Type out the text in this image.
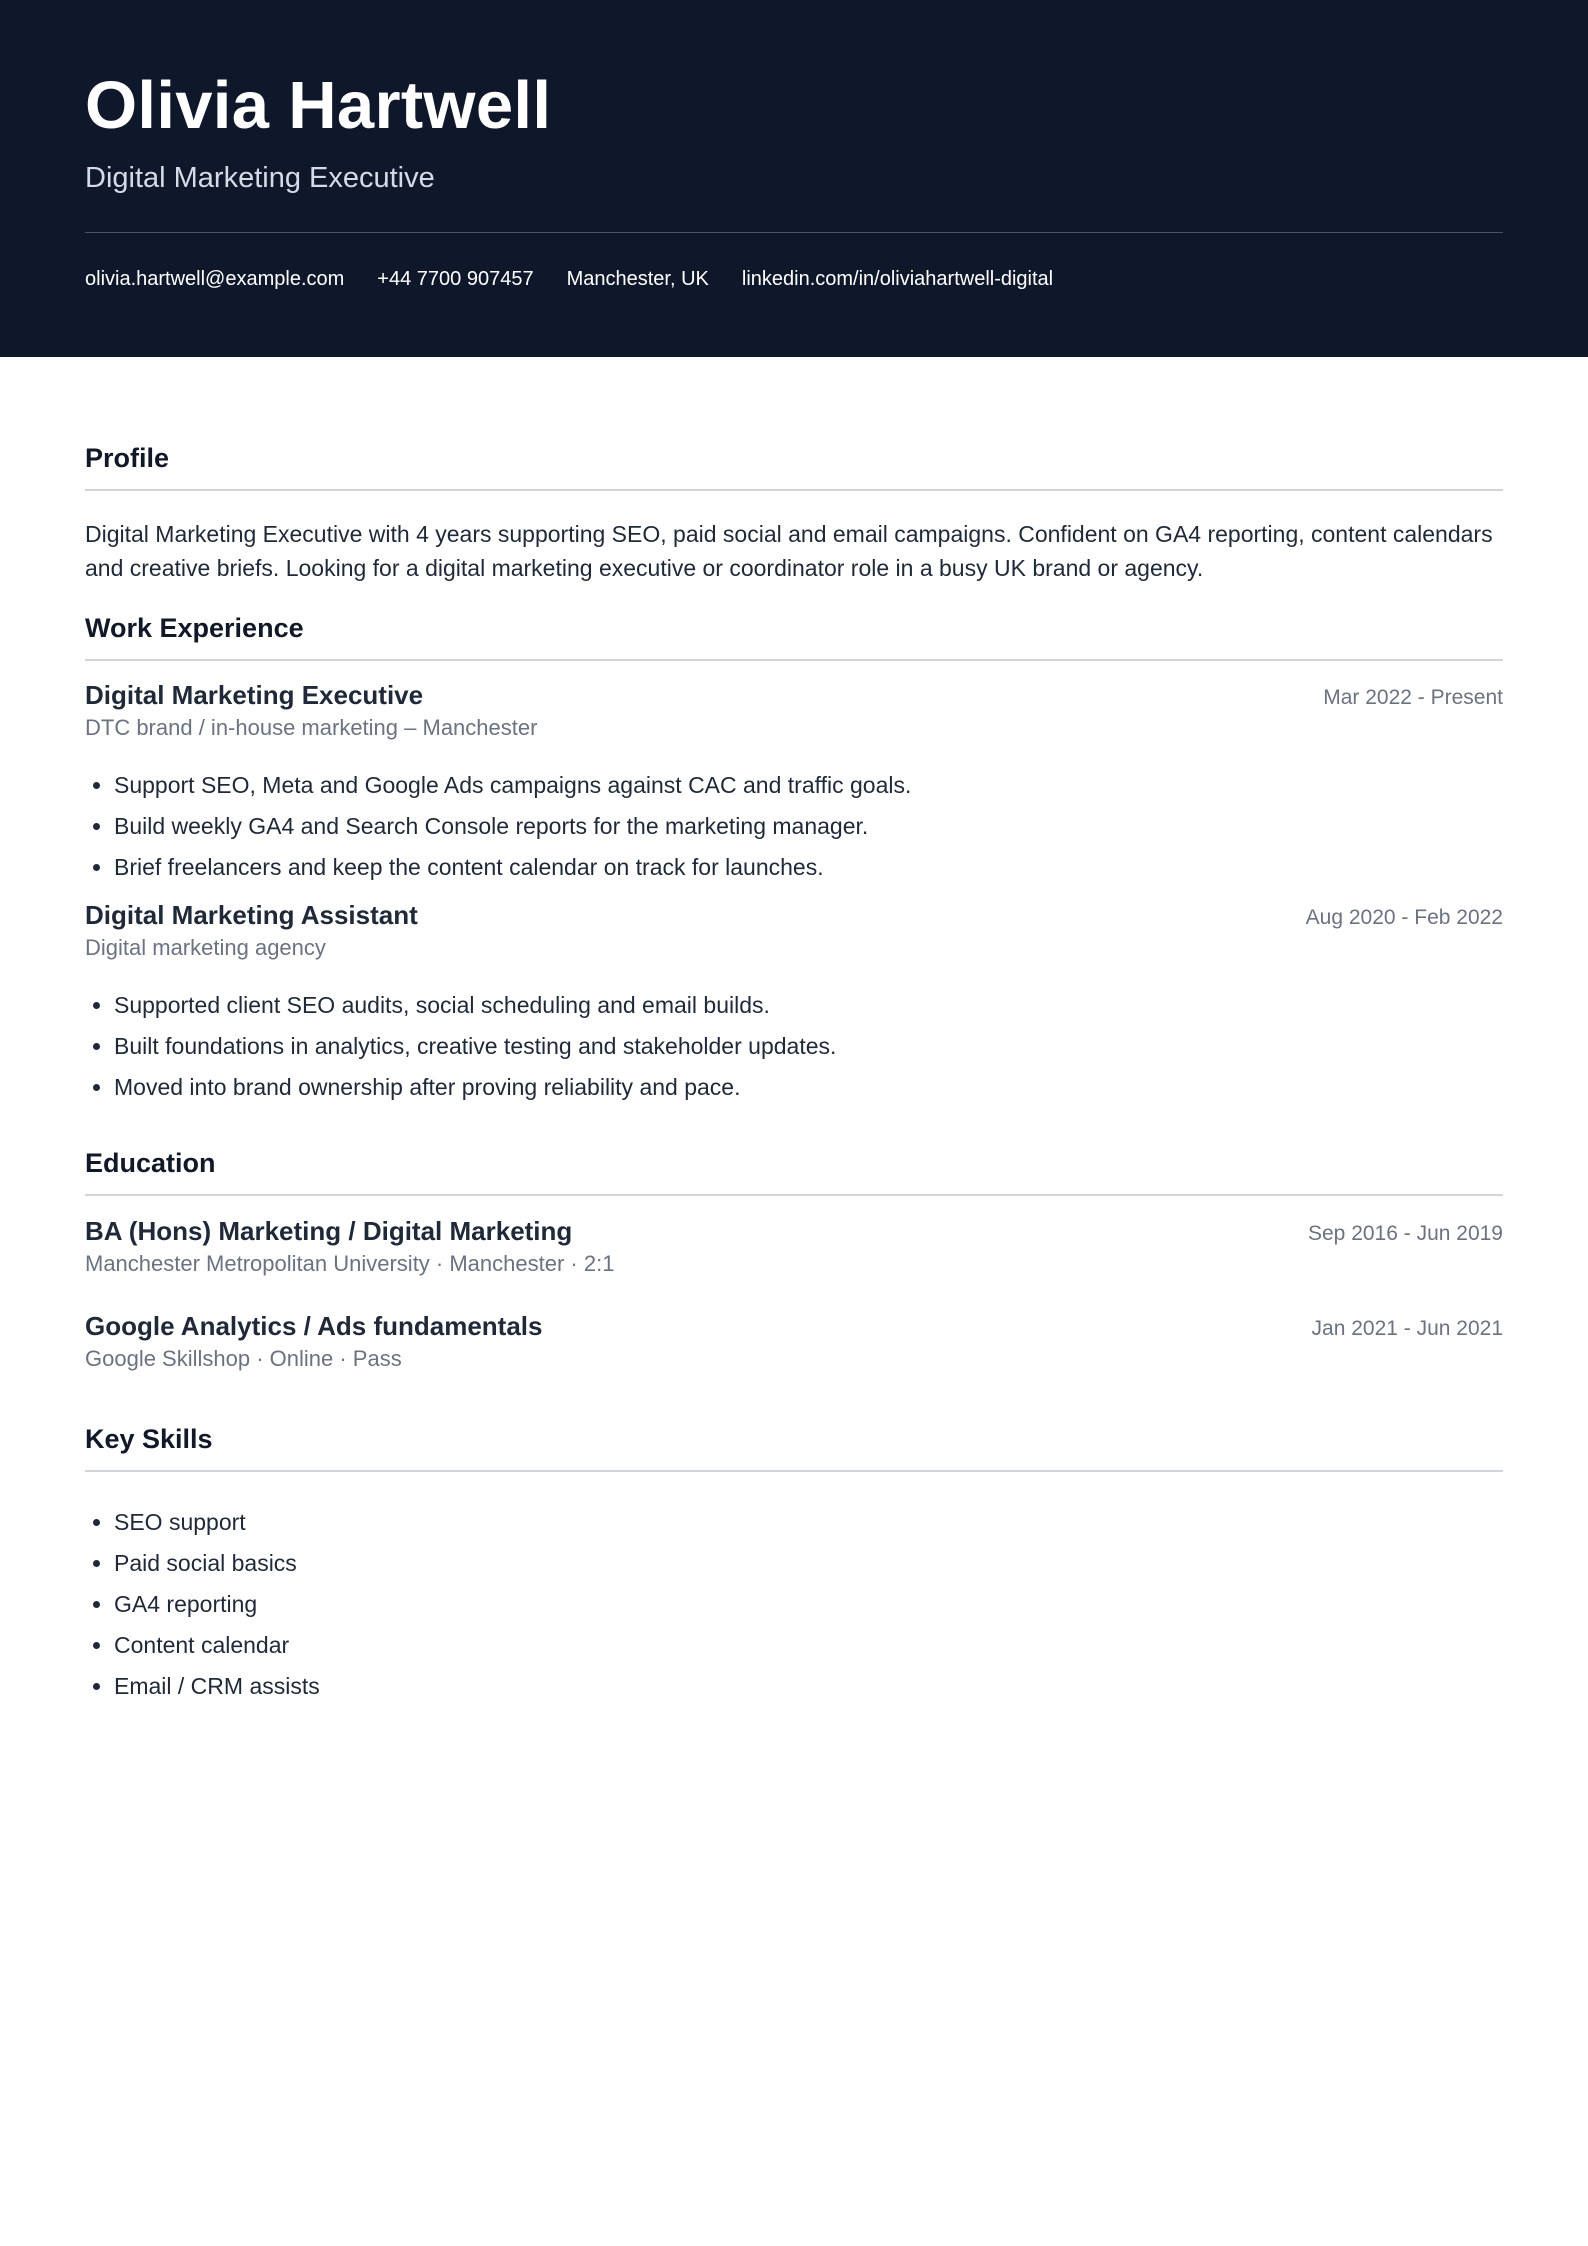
Olivia Hartwell
Digital Marketing Executive
olivia.hartwell@example.com +44 7700 907457 Manchester, UK linkedin.com/in/oliviahartwell-digital
Profile
Digital Marketing Executive with 4 years supporting SEO, paid social and email campaigns. Confident on GA4 reporting, content calendars and creative briefs. Looking for a digital marketing executive or coordinator role in a busy UK brand or agency.
Work Experience
Digital Marketing Executive	Mar 2022 - Present
DTC brand / in-house marketing – Manchester
• Support SEO, Meta and Google Ads campaigns against CAC and traffic goals.
• Build weekly GA4 and Search Console reports for the marketing manager.
• Brief freelancers and keep the content calendar on track for launches.
Digital Marketing Assistant	Aug 2020 - Feb 2022
Digital marketing agency
• Supported client SEO audits, social scheduling and email builds.
• Built foundations in analytics, creative testing and stakeholder updates.
• Moved into brand ownership after proving reliability and pace.
Education
BA (Hons) Marketing / Digital Marketing	Sep 2016 - Jun 2019
Manchester Metropolitan University · Manchester · 2:1
Google Analytics / Ads fundamentals	Jan 2021 - Jun 2021
Google Skillshop · Online · Pass
Key Skills
• SEO support
• Paid social basics
• GA4 reporting
• Content calendar
• Email / CRM assists
